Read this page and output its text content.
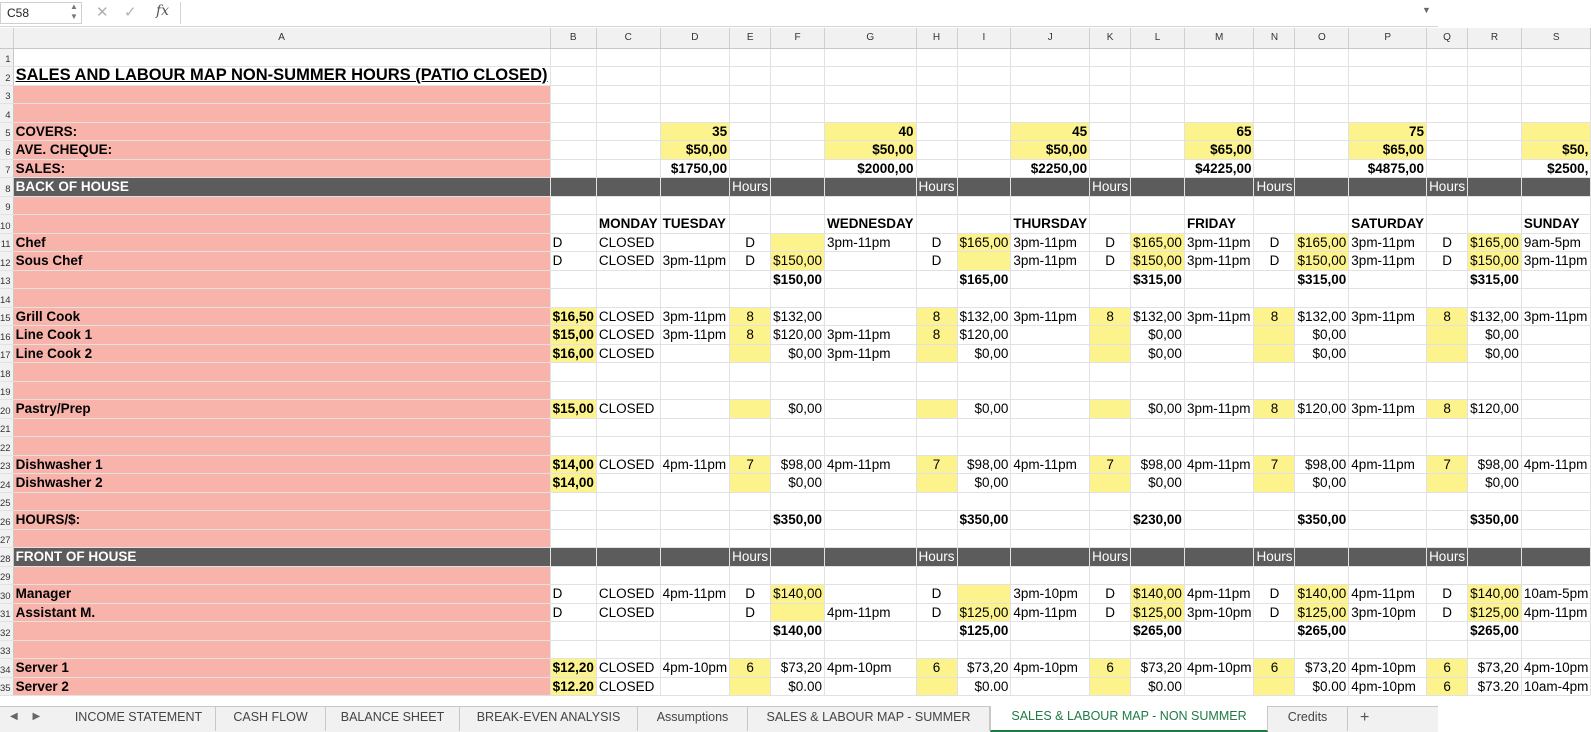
C58	▲
▼ ✕ ✓ fx	▼
	A	B	C	D	E	F	G	H	I	J	K	L	M	N	O	P	Q	R	S
1																			
2	SALES AND LABOUR MAP NON-SUMMER HOURS (PATIO CLOSED)																		
3																			
4																			
5	COVERS:			35			40			45			65			75			
6	AVE. CHEQUE:			$50,00			$50,00			$50,00			$65,00			$65,00			$50,
7	SALES:			$1750,00			$2000,00			$2250,00			$4225,00			$4875,00			$2500,
8	BACK OF HOUSE				Hours			Hours			Hours			Hours			Hours		
9																			
10			MONDAY	TUESDAY			WEDNESDAY			THURSDAY			FRIDAY			SATURDAY			SUNDAY
11	Chef	D	CLOSED		D		3pm-11pm	D	$165,00	3pm-11pm	D	$165,00	3pm-11pm	D	$165,00	3pm-11pm	D	$165,00	9am-5pm
12	Sous Chef	D	CLOSED	3pm-11pm	D	$150,00		D		3pm-11pm	D	$150,00	3pm-11pm	D	$150,00	3pm-11pm	D	$150,00	3pm-11pm
13						$150,00			$165,00			$315,00			$315,00			$315,00	
14																			
15	Grill Cook	$16,50	CLOSED	3pm-11pm	8	$132,00		8	$132,00	3pm-11pm	8	$132,00	3pm-11pm	8	$132,00	3pm-11pm	8	$132,00	3pm-11pm
16	Line Cook 1	$15,00	CLOSED	3pm-11pm	8	$120,00	3pm-11pm	8	$120,00			$0,00			$0,00			$0,00	
17	Line Cook 2	$16,00	CLOSED			$0,00	3pm-11pm		$0,00			$0,00			$0,00			$0,00	
18																			
19																			
20	Pastry/Prep	$15,00	CLOSED			$0,00			$0,00			$0,00	3pm-11pm	8	$120,00	3pm-11pm	8	$120,00	
21																			
22																			
23	Dishwasher 1	$14,00	CLOSED	4pm-11pm	7	$98,00	4pm-11pm	7	$98,00	4pm-11pm	7	$98,00	4pm-11pm	7	$98,00	4pm-11pm	7	$98,00	4pm-11pm
24	Dishwasher 2	$14,00				$0,00			$0,00			$0,00			$0,00			$0,00	
25																			
26	HOURS/$:					$350,00			$350,00			$230,00			$350,00			$350,00	
27																			
28	FRONT OF HOUSE				Hours			Hours			Hours			Hours			Hours		
29																			
30	Manager	D	CLOSED	4pm-11pm	D	$140,00		D		3pm-10pm	D	$140,00	4pm-11pm	D	$140,00	4pm-11pm	D	$140,00	10am-5pm
31	Assistant M.	D	CLOSED		D		4pm-11pm	D	$125,00	4pm-11pm	D	$125,00	3pm-10pm	D	$125,00	3pm-10pm	D	$125,00	4pm-11pm
32						$140,00			$125,00			$265,00			$265,00			$265,00	
33																			
34	Server 1	$12,20	CLOSED	4pm-10pm	6	$73,20	4pm-10pm	6	$73,20	4pm-10pm	6	$73,20	4pm-10pm	6	$73,20	4pm-10pm	6	$73,20	4pm-10pm
35	Server 2	$12.20	CLOSED			$0.00			$0.00			$0.00			$0.00	4pm-10pm	6	$73.20	10am-4pm
◀ ▶	INCOME STATEMENT	CASH FLOW	BALANCE SHEET	BREAK-EVEN ANALYSIS	Assumptions	SALES & LABOUR MAP - SUMMER	SALES & LABOUR MAP - NON SUMMER	Credits	+
